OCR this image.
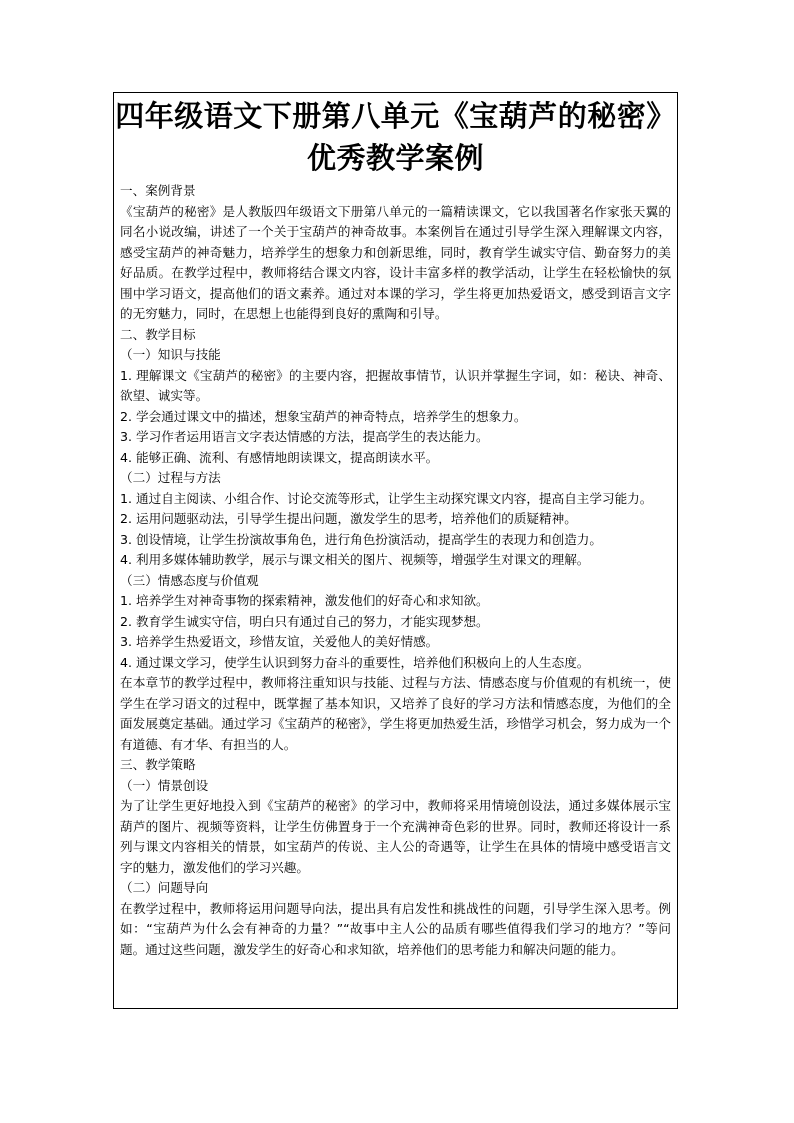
四年级语文下册第八单元《宝葫芦的秘密》
优秀教学案例

一、案例背景

《宝葫芦的秘密》是人教版四年级语文下册第八单元的一篇精读课文，它以我国著名作家张天翼的同名小说改编，讲述了一个关于宝葫芦的神奇故事。本案例旨在通过引导学生深入理解课文内容，感受宝葫芦的神奇魅力，培养学生的想象力和创新思维，同时，教育学生诚实守信、勤奋努力的美好品质。在教学过程中，教师将结合课文内容，设计丰富多样的教学活动，让学生在轻松愉快的氛围中学习语文，提高他们的语文素养。通过对本课的学习，学生将更加热爱语文，感受到语言文字的无穷魅力，同时，在思想上也能得到良好的熏陶和引导。

二、教学目标

（一）知识与技能

1. 理解课文《宝葫芦的秘密》的主要内容，把握故事情节，认识并掌握生字词，如：秘诀、神奇、欲望、诚实等。

2. 学会通过课文中的描述，想象宝葫芦的神奇特点，培养学生的想象力。

3. 学习作者运用语言文字表达情感的方法，提高学生的表达能力。

4. 能够正确、流利、有感情地朗读课文，提高朗读水平。

（二）过程与方法

1. 通过自主阅读、小组合作、讨论交流等形式，让学生主动探究课文内容，提高自主学习能力。

2. 运用问题驱动法，引导学生提出问题，激发学生的思考，培养他们的质疑精神。

3. 创设情境，让学生扮演故事角色，进行角色扮演活动，提高学生的表现力和创造力。

4. 利用多媒体辅助教学，展示与课文相关的图片、视频等，增强学生对课文的理解。

（三）情感态度与价值观

1. 培养学生对神奇事物的探索精神，激发他们的好奇心和求知欲。

2. 教育学生诚实守信，明白只有通过自己的努力，才能实现梦想。

3. 培养学生热爱语文，珍惜友谊，关爱他人的美好情感。

4. 通过课文学习，使学生认识到努力奋斗的重要性，培养他们积极向上的人生态度。

在本章节的教学过程中，教师将注重知识与技能、过程与方法、情感态度与价值观的有机统一，使学生在学习语文的过程中，既掌握了基本知识，又培养了良好的学习方法和情感态度，为他们的全面发展奠定基础。通过学习《宝葫芦的秘密》，学生将更加热爱生活，珍惜学习机会，努力成为一个有道德、有才华、有担当的人。

三、教学策略

（一）情景创设

为了让学生更好地投入到《宝葫芦的秘密》的学习中，教师将采用情境创设法，通过多媒体展示宝葫芦的图片、视频等资料，让学生仿佛置身于一个充满神奇色彩的世界。同时，教师还将设计一系列与课文内容相关的情景，如宝葫芦的传说、主人公的奇遇等，让学生在具体的情境中感受语言文字的魅力，激发他们的学习兴趣。

（二）问题导向

在教学过程中，教师将运用问题导向法，提出具有启发性和挑战性的问题，引导学生深入思考。例如：“宝葫芦为什么会有神奇的力量？”“故事中主人公的品质有哪些值得我们学习的地方？”等问题。通过这些问题，激发学生的好奇心和求知欲，培养他们的思考能力和解决问题的能力。
